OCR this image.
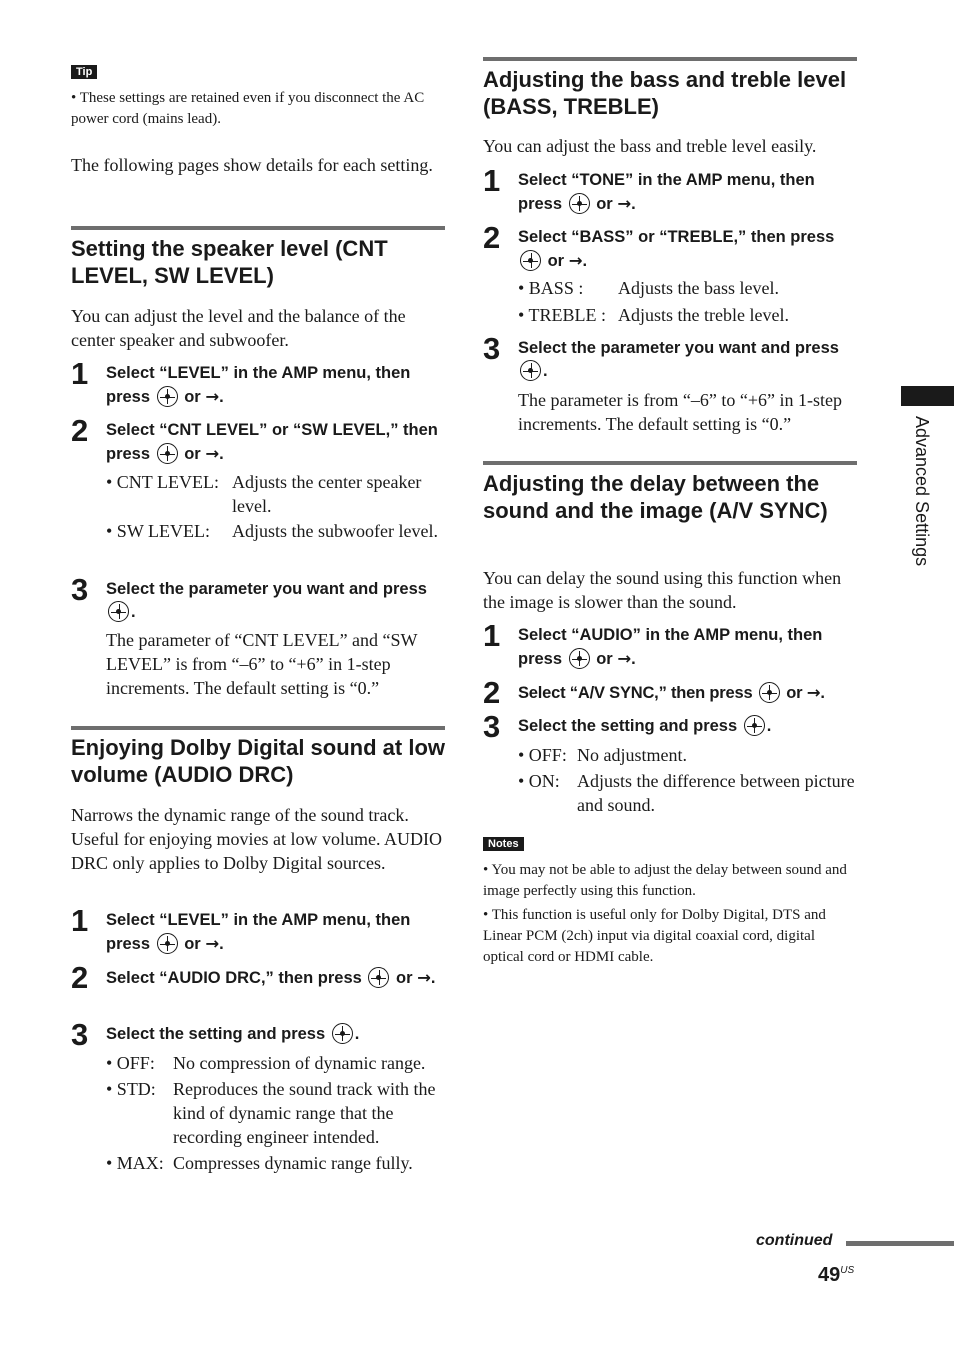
Tip
• These settings are retained even if you disconnect the AC power cord (mains lead).
The following pages show details for each setting.
Setting the speaker level (CNT LEVEL, SW LEVEL)
You can adjust the level and the balance of the center speaker and subwoofer.
1 Select “LEVEL” in the AMP menu, then press or →.
2 Select “CNT LEVEL” or “SW LEVEL,” then press or →.
• CNT LEVEL: Adjusts the center speaker level.
• SW LEVEL: Adjusts the subwoofer level.
3 Select the parameter you want and press
.
The parameter of “CNT LEVEL” and “SW LEVEL” is from “–6” to “+6” in 1-step increments. The default setting is “0.”
Enjoying Dolby Digital sound at low volume (AUDIO DRC)
Narrows the dynamic range of the sound track. Useful for enjoying movies at low volume. AUDIO DRC only applies to Dolby Digital sources.
1 Select “LEVEL” in the AMP menu, then press or →.
2 Select “AUDIO DRC,” then press or →.
3 Select the setting and press .
• OFF: No compression of dynamic range.
• STD: Reproduces the sound track with the kind of dynamic range that the recording engineer intended.
• MAX: Compresses dynamic range fully.
Adjusting the bass and treble level (BASS, TREBLE)
You can adjust the bass and treble level easily.
1 Select “TONE” in the AMP menu, then press or →.
2 Select “BASS” or “TREBLE,” then press
or →.
• BASS : Adjusts the bass level.
• TREBLE : Adjusts the treble level.
3 Select the parameter you want and press
.
The parameter is from “–6” to “+6” in 1-step increments. The default setting is “0.”
Adjusting the delay between the sound and the image (A/V SYNC)
You can delay the sound using this function when the image is slower than the sound.
1 Select “AUDIO” in the AMP menu, then press or →.
2 Select “A/V SYNC,” then press or →.
3 Select the setting and press .
• OFF: No adjustment.
• ON: Adjusts the difference between picture and sound.
Notes
• You may not be able to adjust the delay between sound and image perfectly using this function.
• This function is useful only for Dolby Digital, DTS and Linear PCM (2ch) input via digital coaxial cord, digital optical cord or HDMI cable.
Advanced Settings
continued
$49^{US}$
